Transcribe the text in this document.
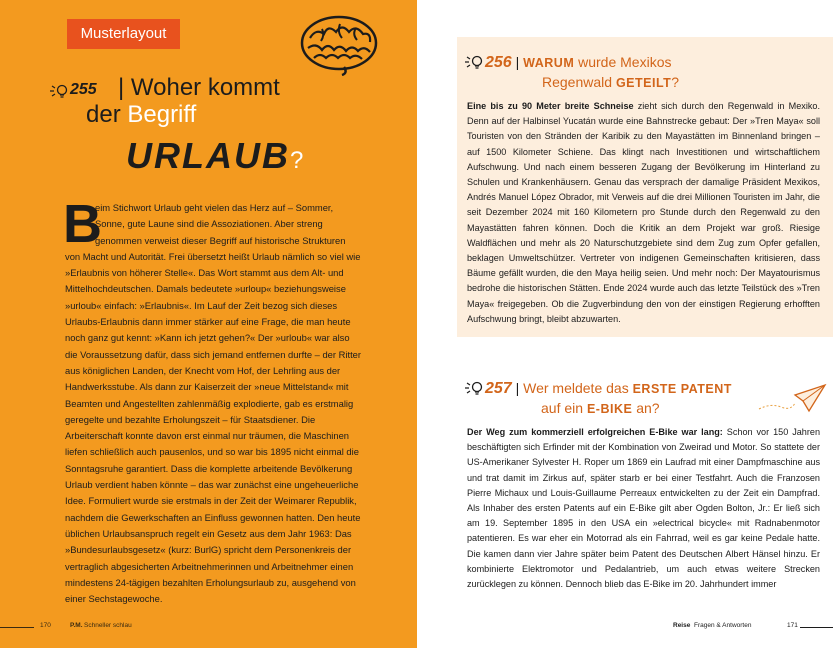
Musterlayout
255 | Woher kommt
der Begriff
URLAUB?
B
eim Stichwort Urlaub geht vielen das Herz auf – Sommer, Sonne, gute Laune sind die Assoziationen. Aber streng genommen verweist dieser Begriff auf historische Strukturen von Macht und Autorität. Frei übersetzt heißt Urlaub nämlich so viel wie »Erlaubnis von höherer Stelle«. Das Wort stammt aus dem Alt- und Mittelhochdeutschen. Damals bedeutete »urloup« beziehungsweise »urloub« einfach: »Erlaubnis«. Im Lauf der Zeit bezog sich dieses Urlaubs-Erlaubnis dann immer stärker auf eine Frage, die man heute noch ganz gut kennt: »Kann ich jetzt gehen?« Der »urloub« war also die Voraussetzung dafür, dass sich jemand entfernen durfte – der Ritter aus königlichen Landen, der Knecht vom Hof, der Lehrling aus der Handwerksstube. Als dann zur Kaiserzeit der »neue Mittelstand« mit Beamten und Angestellten zahlenmäßig explodierte, gab es erstmalig geregelte und bezahlte Erholungszeit – für Staatsdiener. Die Arbeiterschaft konnte davon erst einmal nur träumen, die Maschinen liefen schließlich auch pausenlos, und so war bis 1895 nicht einmal die Sonntagsruhe garantiert. Dass die komplette arbeitende Bevölkerung Urlaub verdient haben könnte – das war zunächst eine ungeheuerliche Idee. Formuliert wurde sie erstmals in der Zeit der Weimarer Republik, nachdem die Gewerkschaften an Einfluss gewonnen hatten. Den heute üblichen Urlaubsanspruch regelt ein Gesetz aus dem Jahr 1963: Das »Bundesurlaubsgesetz« (kurz: BurlG) spricht dem Personenkreis der vertraglich abgesicherten Arbeitnehmerinnen und Arbeitnehmer einen mindestens 24-tägigen bezahlten Erholungsurlaub zu, ausgehend von einer Sechstagewoche.
170	P.M. Schneller schlau
256 | WARUM wurde Mexikos
Regenwald GETEILT?
Eine bis zu 90 Meter breite Schneise zieht sich durch den Regenwald in Mexiko. Denn auf der Halbinsel Yucatán wurde eine Bahnstrecke gebaut: Der »Tren Maya« soll Touristen von den Stränden der Karibik zu den Mayastätten im Binnenland bringen – auf 1500 Kilometer Schiene. Das klingt nach Investitionen und wirtschaftlichem Aufschwung. Und nach einem besseren Zugang der Bevölkerung im Hinterland zu Schulen und Krankenhäusern. Genau das versprach der damalige Präsident Mexikos, Andrés Manuel López Obrador, mit Verweis auf die drei Millionen Touristen im Jahr, die seit Dezember 2024 mit 160 Kilometern pro Stunde durch den Regenwald zu den Mayastätten fahren können. Doch die Kritik an dem Projekt war groß. Riesige Waldflächen und mehr als 20 Naturschutzgebiete sind dem Zug zum Opfer gefallen, beklagen Umweltschützer. Vertreter von indigenen Gemeinschaften kritisieren, dass Bäume gefällt wurden, die den Maya heilig seien. Und mehr noch: Der Mayatourismus bedrohe die historischen Stätten. Ende 2024 wurde auch das letzte Teilstück des »Tren Maya« freigegeben. Ob die Zugverbindung den von der einstigen Regierung erhofften Aufschwung bringt, bleibt abzuwarten.
257 | Wer meldete das ERSTE PATENT
auf ein E-BIKE an?
Der Weg zum kommerziell erfolgreichen E-Bike war lang: Schon vor 150 Jahren beschäftigten sich Erfinder mit der Kombination von Zweirad und Motor. So stattete der US-Amerikaner Sylvester H. Roper um 1869 ein Laufrad mit einer Dampfmaschine aus und trat damit im Zirkus auf, später starb er bei einer Testfahrt. Auch die Franzosen Pierre Michaux und Louis-Guillaume Perreaux entwickelten zu der Zeit ein Dampfrad. Als Inhaber des ersten Patents auf ein E-Bike gilt aber Ogden Bolton, Jr.: Er ließ sich am 19. September 1895 in den USA ein »electrical bicycle« mit Radnabenmotor patentieren. Es war eher ein Motorrad als ein Fahrrad, weil es gar keine Pedale hatte. Die kamen dann vier Jahre später beim Patent des Deutschen Albert Hänsel hinzu. Er kombinierte Elektromotor und Pedalantrieb, um auch etwas weitere Strecken zurücklegen zu können. Dennoch blieb das E-Bike im 20. Jahrhundert immer
Reise Fragen & Antworten	171
